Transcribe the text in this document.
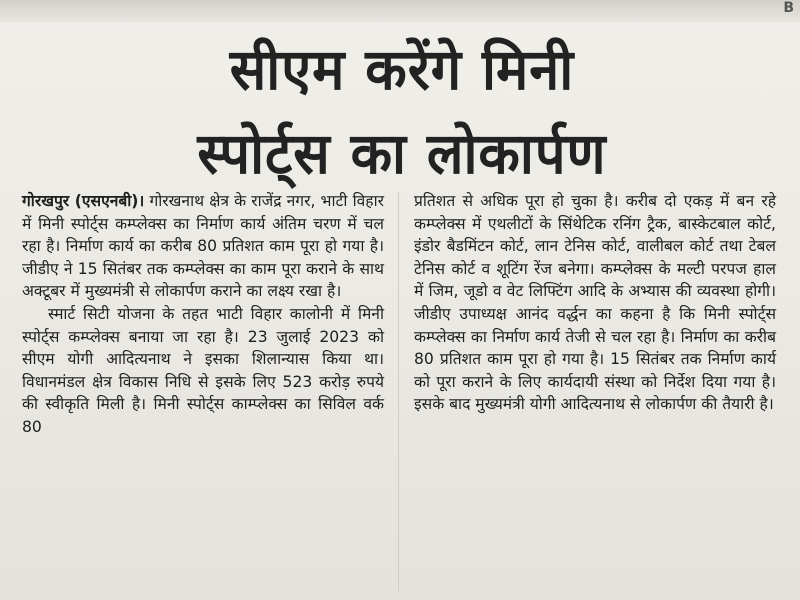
B
सीएम करेंगे मिनी
स्पोर्ट्स का लोकार्पण

गोरखपुर (एसएनबी)। गोरखनाथ क्षेत्र के राजेंद्र नगर, भाटी विहार में मिनी स्पोर्ट्स कम्प्लेक्स का निर्माण कार्य अंतिम चरण में चल रहा है। निर्माण कार्य का करीब 80 प्रतिशत काम पूरा हो गया है। जीडीए ने 15 सितंबर तक कम्प्लेक्स का काम पूरा कराने के साथ अक्टूबर में मुख्यमंत्री से लोकार्पण कराने का लक्ष्य रखा है।

स्मार्ट सिटी योजना के तहत भाटी विहार कालोनी में मिनी स्पोर्ट्स कम्प्लेक्स बनाया जा रहा है। 23 जुलाई 2023 को सीएम योगी आदित्यनाथ ने इसका शिलान्यास किया था। विधानमंडल क्षेत्र विकास निधि से इसके लिए 523 करोड़ रुपये की स्वीकृति मिली है। मिनी स्पोर्ट्स काम्प्लेक्स का सिविल वर्क 80

प्रतिशत से अधिक पूरा हो चुका है। करीब दो एकड़ में बन रहे कम्प्लेक्स में एथलीटों के सिंथेटिक रनिंग ट्रैक, बास्केटबाल कोर्ट, इंडोर बैडमिंटन कोर्ट, लान टेनिस कोर्ट, वालीबल कोर्ट तथा टेबल टेनिस कोर्ट व शूटिंग रेंज बनेगा। कम्प्लेक्स के मल्टी परपज हाल में जिम, जूडो व वेट लिफ्टिंग आदि के अभ्यास की व्यवस्था होगी। जीडीए उपाध्यक्ष आनंद वर्द्धन का कहना है कि मिनी स्पोर्ट्स कम्प्लेक्स का निर्माण कार्य तेजी से चल रहा है। निर्माण का करीब 80 प्रतिशत काम पूरा हो गया है। 15 सितंबर तक निर्माण कार्य को पूरा कराने के लिए कार्यदायी संस्था को निर्देश दिया गया है। इसके बाद मुख्यमंत्री योगी आदित्यनाथ से लोकार्पण की तैयारी है।
